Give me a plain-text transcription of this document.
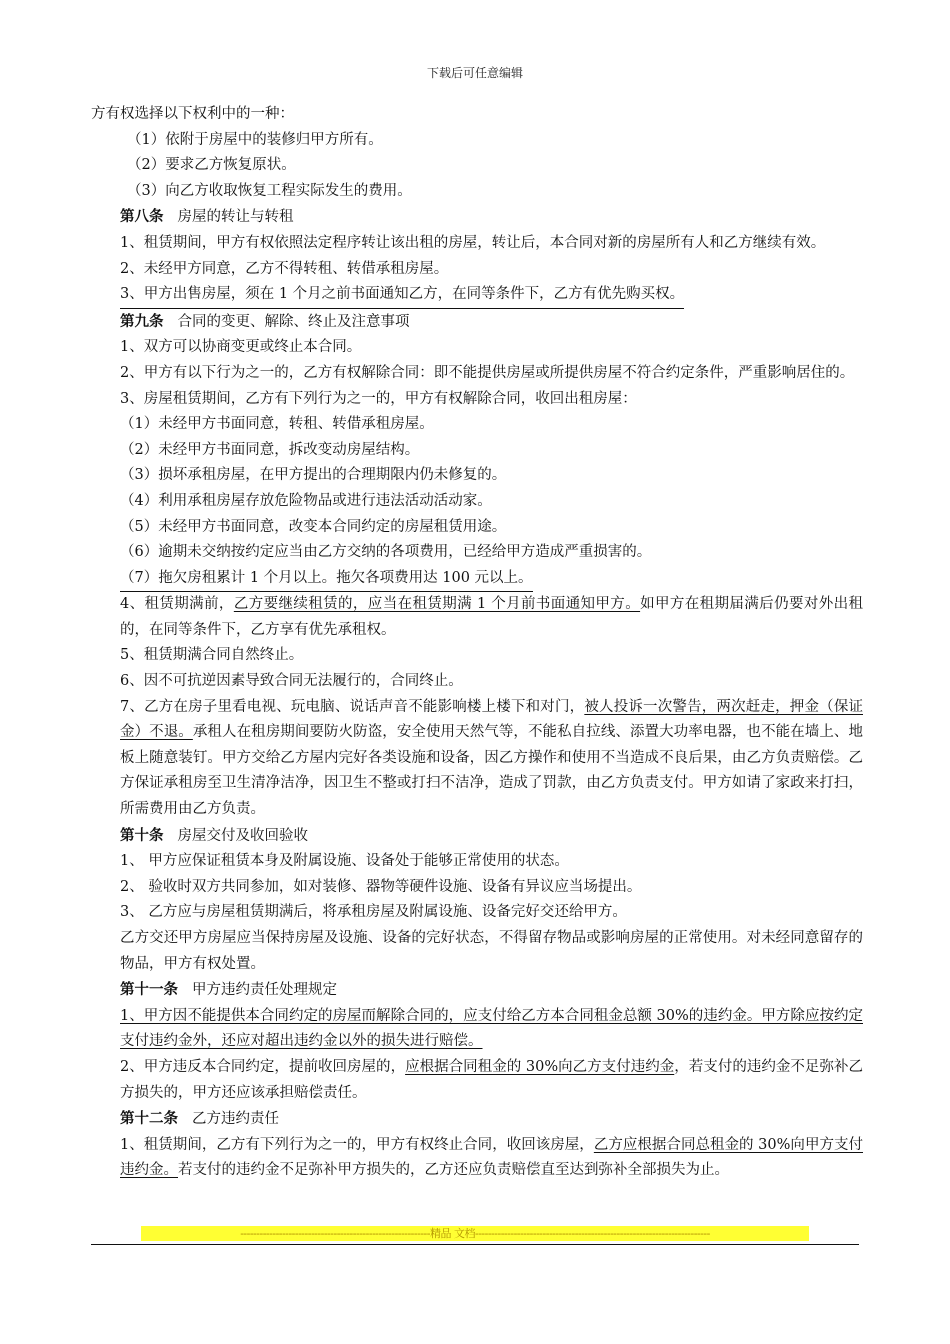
下载后可任意编辑
方有权选择以下权利中的一种：
（1）依附于房屋中的装修归甲方所有。
（2）要求乙方恢复原状。
（3）向乙方收取恢复工程实际发生的费用。
第八条 房屋的转让与转租
1、租赁期间，甲方有权依照法定程序转让该出租的房屋，转让后，本合同对新的房屋所有人和乙方继续有效。
2、未经甲方同意，乙方不得转租、转借承租房屋。
3、甲方出售房屋，须在 1 个月之前书面通知乙方，在同等条件下，乙方有优先购买权。
第九条 合同的变更、解除、终止及注意事项
1、双方可以协商变更或终止本合同。
2、甲方有以下行为之一的，乙方有权解除合同：即不能提供房屋或所提供房屋不符合约定条件，严重影响居住的。
3、房屋租赁期间，乙方有下列行为之一的，甲方有权解除合同，收回出租房屋：
（1）未经甲方书面同意，转租、转借承租房屋。
（2）未经甲方书面同意，拆改变动房屋结构。
（3）损坏承租房屋，在甲方提出的合理期限内仍未修复的。
（4）利用承租房屋存放危险物品或进行违法活动活动家。
（5）未经甲方书面同意，改变本合同约定的房屋租赁用途。
（6）逾期未交纳按约定应当由乙方交纳的各项费用，已经给甲方造成严重损害的。
（7）拖欠房租累计 1 个月以上。拖欠各项费用达 100 元以上。
4、租赁期满前，乙方要继续租赁的，应当在租赁期满 1 个月前书面通知甲方。如甲方在租期届满后仍要对外出租的，在同等条件下，乙方享有优先承租权。
5、租赁期满合同自然终止。
6、因不可抗逆因素导致合同无法履行的，合同终止。
7、乙方在房子里看电视、玩电脑、说话声音不能影响楼上楼下和对门，被人投诉一次警告，两次赶走，押金（保证金）不退。承租人在租房期间要防火防盗，安全使用天然气等，不能私自拉线、添置大功率电器，也不能在墙上、地板上随意装钉。甲方交给乙方屋内完好各类设施和设备，因乙方操作和使用不当造成不良后果，由乙方负责赔偿。乙方保证承租房至卫生清净洁净，因卫生不整或打扫不洁净，造成了罚款，由乙方负责支付。甲方如请了家政来打扫，所需费用由乙方负责。
第十条 房屋交付及收回验收
1、 甲方应保证租赁本身及附属设施、设备处于能够正常使用的状态。
2、 验收时双方共同参加，如对装修、器物等硬件设施、设备有异议应当场提出。
3、 乙方应与房屋租赁期满后，将承租房屋及附属设施、设备完好交还给甲方。
乙方交还甲方房屋应当保持房屋及设施、设备的完好状态，不得留存物品或影响房屋的正常使用。对未经同意留存的物品，甲方有权处置。
第十一条 甲方违约责任处理规定
1、甲方因不能提供本合同约定的房屋而解除合同的，应支付给乙方本合同租金总额 30%的违约金。甲方除应按约定支付违约金外，还应对超出违约金以外的损失进行赔偿。
2、甲方违反本合同约定，提前收回房屋的，应根据合同租金的 30%向乙方支付违约金，若支付的违约金不足弥补乙方损失的，甲方还应该承担赔偿责任。
第十二条 乙方违约责任
1、租赁期间，乙方有下列行为之一的，甲方有权终止合同，收回该房屋，乙方应根据合同总租金的 30%向甲方支付违约金。若支付的违约金不足弥补甲方损失的，乙方还应负责赔偿直至达到弥补全部损失为止。
-----------------------------------------------------------精品 文档-------------------------------------------------------------------------
